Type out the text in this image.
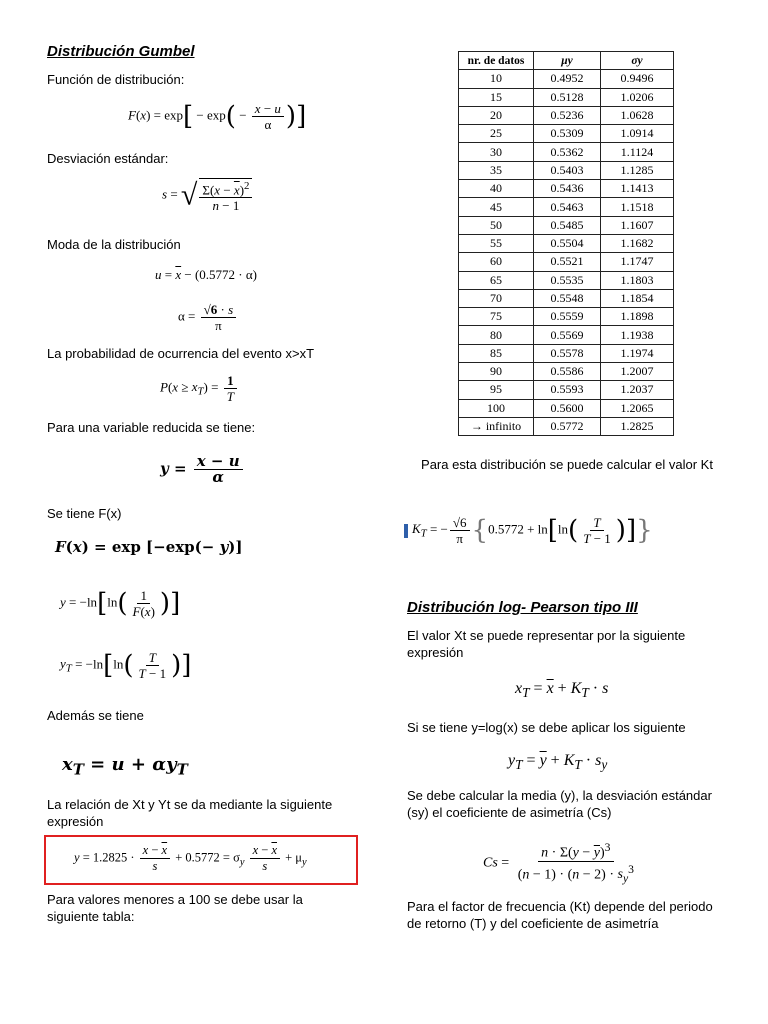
Distribución Gumbel
Función de distribución:
$F(x) = \exp[ - \exp( - \frac{x - u}{\alpha}$ )]
Desviación estándar:
s = √ $\frac{\Sigma(x - \overline{x})^2}{n - 1}$
Moda de la distribución
$u = \overline{x} - (0.5772 \cdot \alpha)$
$\alpha = \frac{√6 \cdot s}{\pi}$
La probabilidad de ocurrencia del evento x>xT
$P(x \ge x_T) = \frac{1}{T}$
Para una variable reducida se tiene:
$y = \frac{x - u}{\alpha}$
Se tiene F(x)
F(x) = exp [−exp(− y)]
$y = -\ln[\ln( \frac{1}{F(x)}$ )]
$y_T = -\ln[\ln( \frac{T}{T - 1}$ )]
Además se tiene
$x_T = u + \alpha y_T$
La relación de Xt y Yt se da mediante la siguiente expresión
$y = 1.2825 \cdot \frac{x - \overline{x}}{s} + 0.5772 = \sigma_y \frac{x - \overline{x}}{s} + \mu_y$
Para valores menores a 100 se debe usar la siguiente tabla:
nr. de datos	μy	σy
10	0.4952	0.9496
15	0.5128	1.0206
20	0.5236	1.0628
25	0.5309	1.0914
30	0.5362	1.1124
35	0.5403	1.1285
40	0.5436	1.1413
45	0.5463	1.1518
50	0.5485	1.1607
55	0.5504	1.1682
60	0.5521	1.1747
65	0.5535	1.1803
70	0.5548	1.1854
75	0.5559	1.1898
80	0.5569	1.1938
85	0.5578	1.1974
90	0.5586	1.2007
95	0.5593	1.2037
100	0.5600	1.2065
→ infinito	0.5772	1.2825
Para esta distribución se puede calcular el valor Kt
$K_T$ = − $\frac{√6}{\pi} \{0.5772 + \ln[\ln( \frac{T}{T - 1}$ )]}
Distribución log- Pearson tipo III
El valor Xt se puede representar por la siguiente expresión
$x_T = \overline{x} + K_T \cdot s$
Si se tiene y=log(x) se debe aplicar los siguiente
$y_T = \overline{y} + K_T \cdot s_y$
Se debe calcular la media (y), la desviación estándar (sy) el coeficiente de asimetría (Cs)
$Cs = \frac{n \cdot \Sigma(y - \overline{y})^3}{(n - 1) \cdot (n - 2) \cdot s_y^3}$
Para el factor de frecuencia (Kt) depende del periodo de retorno (T) y del coeficiente de asimetría
